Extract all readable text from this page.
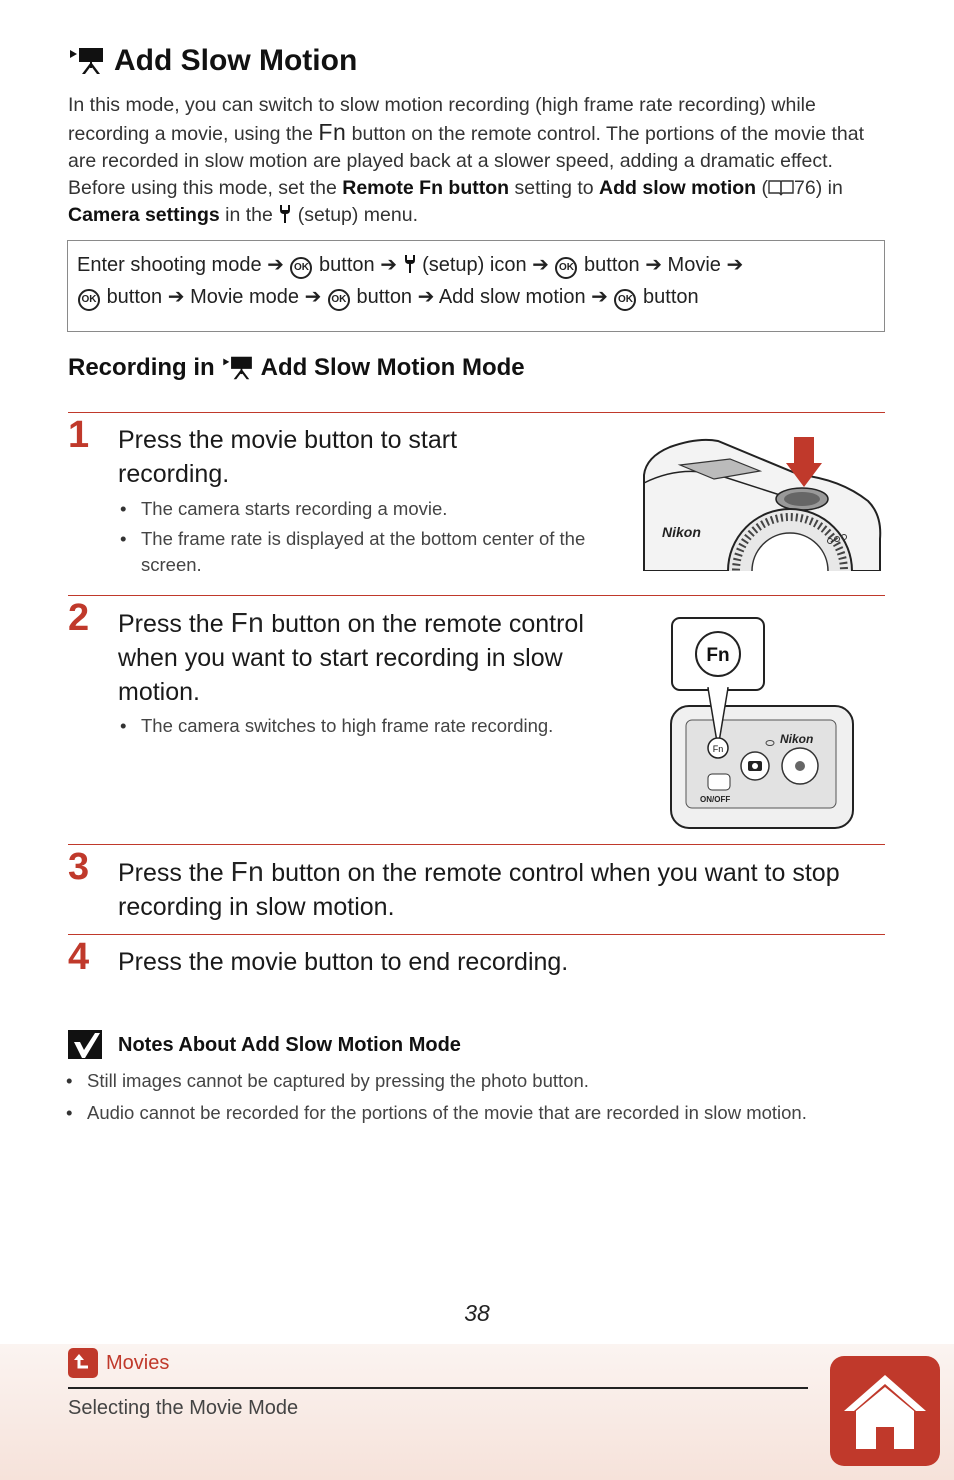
Add Slow Motion
In this mode, you can switch to slow motion recording (high frame rate recording) while recording a movie, using the Fn button on the remote control. The portions of the movie that are recorded in slow motion are played back at a slower speed, adding a dramatic effect. Before using this mode, set the Remote Fn button setting to Add slow motion ( 76) in Camera settings in the  (setup) menu.
Enter shooting mode ➔ OK button ➔ (setup) icon ➔ OK button ➔ Movie ➔
OK button ➔ Movie mode ➔ OK button ➔ Add slow motion ➔ OK button
Recording in Add Slow Motion Mode
1 Press the movie button to start recording.
• The camera starts recording a movie.
• The frame rate is displayed at the bottom center of the screen.
Nikon
2 Press the Fn button on the remote control when you want to start recording in slow motion.
• The camera switches to high frame rate recording.
Fn
Fn
Nikon
ON/OFF
3 Press the Fn button on the remote control when you want to stop recording in slow motion.
4 Press the movie button to end recording.
Notes About Add Slow Motion Mode
• Still images cannot be captured by pressing the photo button.
• Audio cannot be recorded for the portions of the movie that are recorded in slow motion.
38
Movies
Selecting the Movie Mode
